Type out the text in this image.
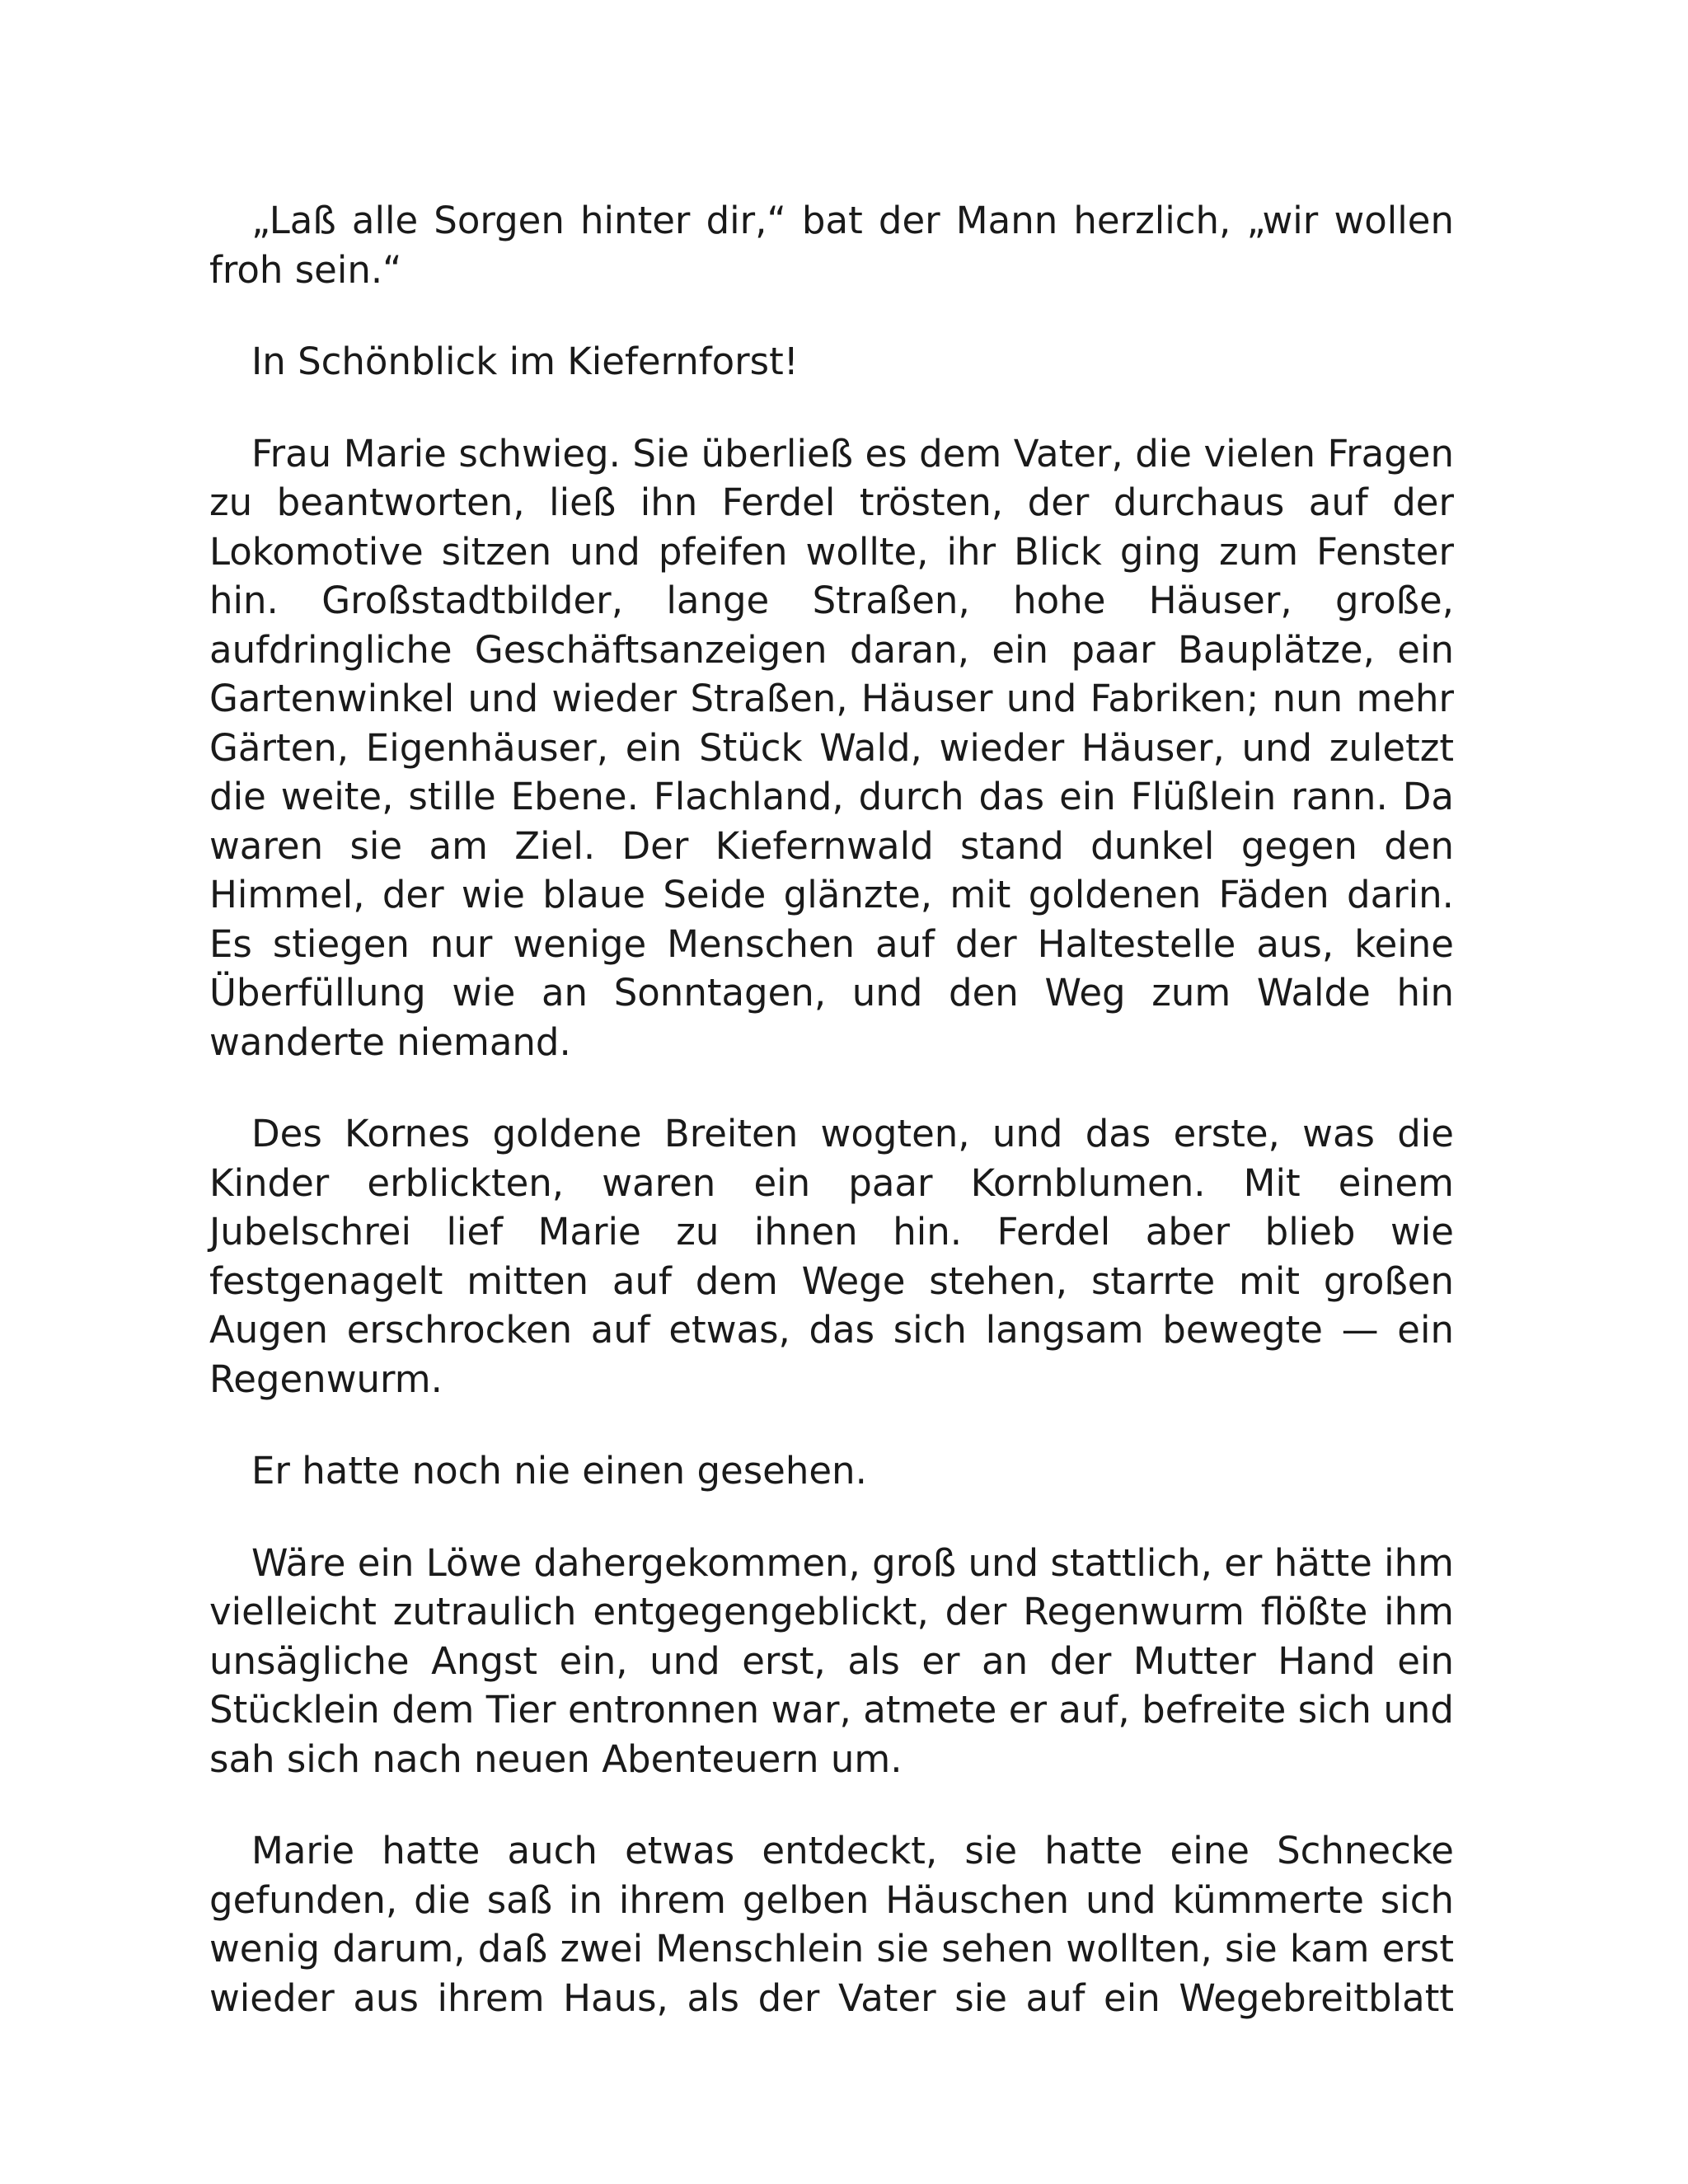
„Laß alle Sorgen hinter dir,“ bat der Mann herzlich, „wir wollen froh sein.“

In Schönblick im Kiefernforst!

Frau Marie schwieg. Sie überließ es dem Vater, die vielen Fragen zu beantworten, ließ ihn Ferdel trösten, der durchaus auf der Lokomotive sitzen und pfeifen wollte, ihr Blick ging zum Fenster hin. Großstadtbilder, lange Straßen, hohe Häuser, große, aufdringliche Geschäftsanzeigen daran, ein paar Bauplätze, ein Gartenwinkel und wieder Straßen, Häuser und Fabriken; nun mehr Gärten, Eigenhäuser, ein Stück Wald, wieder Häuser, und zuletzt die weite, stille Ebene. Flachland, durch das ein Flüßlein rann. Da waren sie am Ziel. Der Kiefernwald stand dunkel gegen den Himmel, der wie blaue Seide glänzte, mit goldenen Fäden darin. Es stiegen nur wenige Menschen auf der Haltestelle aus, keine Überfüllung wie an Sonntagen, und den Weg zum Walde hin wanderte niemand.

Des Kornes goldene Breiten wogten, und das erste, was die Kinder erblickten, waren ein paar Kornblumen. Mit einem Jubelschrei lief Marie zu ihnen hin. Ferdel aber blieb wie festgenagelt mitten auf dem Wege stehen, starrte mit großen Augen erschrocken auf etwas, das sich langsam bewegte — ein Regenwurm.

Er hatte noch nie einen gesehen.

Wäre ein Löwe dahergekommen, groß und stattlich, er hätte ihm vielleicht zutraulich entgegengeblickt, der Regenwurm flößte ihm unsägliche Angst ein, und erst, als er an der Mutter Hand ein Stücklein dem Tier entronnen war, atmete er auf, befreite sich und sah sich nach neuen Abenteuern um.

Marie hatte auch etwas entdeckt, sie hatte eine Schnecke gefunden, die saß in ihrem gelben Häuschen und kümmerte sich wenig darum, daß zwei Menschlein sie sehen wollten, sie kam erst wieder aus ihrem Haus, als der Vater sie auf ein Wegebreitblatt
